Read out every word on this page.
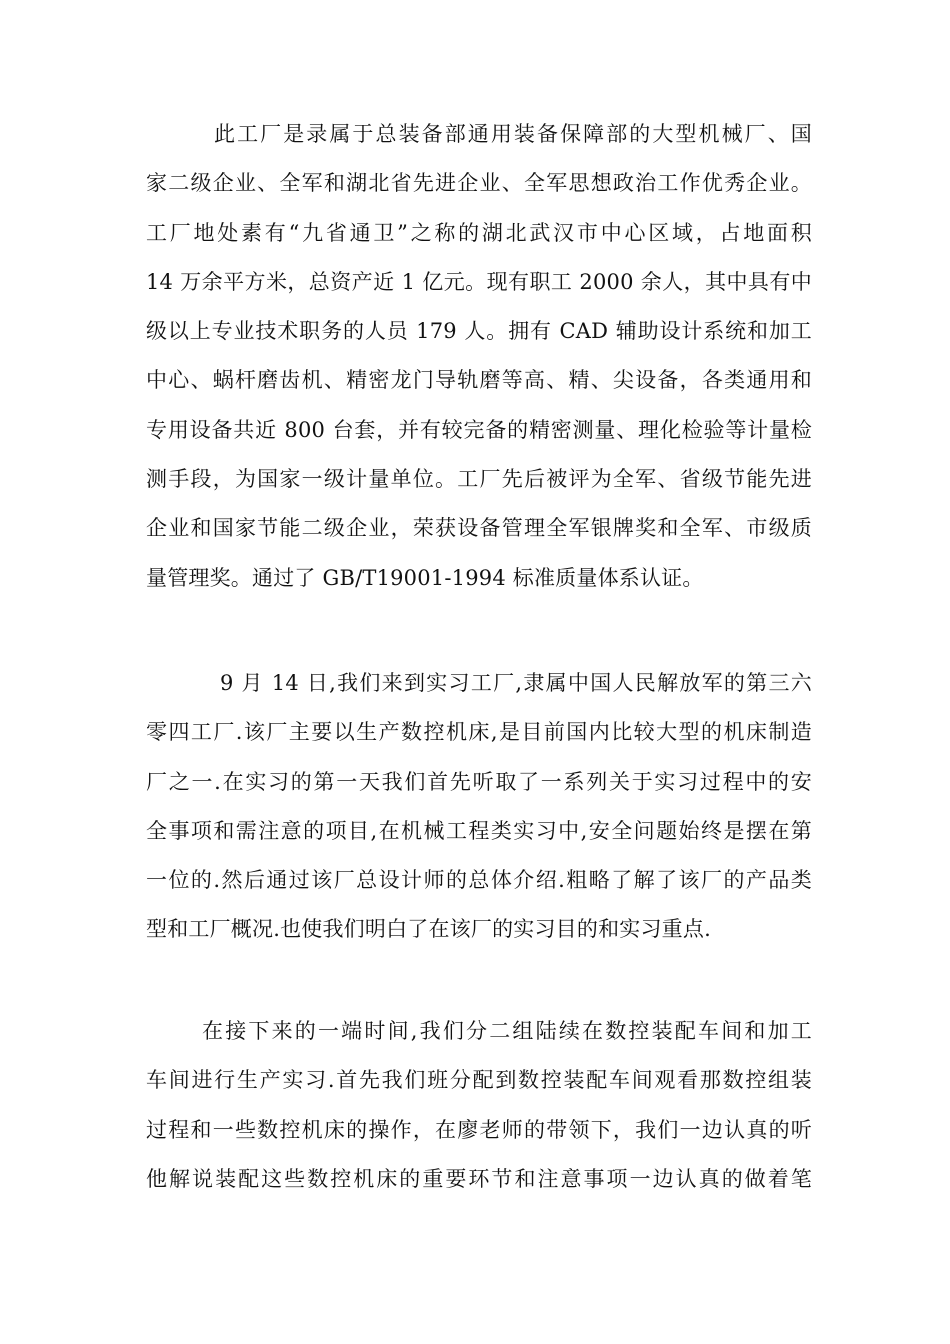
此工厂是录属于总装备部通用装备保障部的大型机械厂、国
家二级企业、全军和湖北省先进企业、全军思想政治工作优秀企业。
工厂地处素有“九省通卫”之称的湖北武汉市中心区域，占地面积
14 万余平方米，总资产近 1 亿元。现有职工 2000 余人，其中具有中
级以上专业技术职务的人员 179 人。拥有 CAD 辅助设计系统和加工
中心、蜗杆磨齿机、精密龙门导轨磨等高、精、尖设备，各类通用和
专用设备共近 800 台套，并有较完备的精密测量、理化检验等计量检
测手段，为国家一级计量单位。工厂先后被评为全军、省级节能先进
企业和国家节能二级企业，荣获设备管理全军银牌奖和全军、市级质
量管理奖。通过了 GB/T19001-1994 标准质量体系认证。
9 月 14 日,我们来到实习工厂,隶属中国人民解放军的第三六
零四工厂.该厂主要以生产数控机床,是目前国内比较大型的机床制造
厂之一.在实习的第一天我们首先听取了一系列关于实习过程中的安
全事项和需注意的项目,在机械工程类实习中,安全问题始终是摆在第
一位的.然后通过该厂总设计师的总体介绍.粗略了解了该厂的产品类
型和工厂概况.也使我们明白了在该厂的实习目的和实习重点.
在接下来的一端时间,我们分二组陆续在数控装配车间和加工
车间进行生产实习.首先我们班分配到数控装配车间观看那数控组装
过程和一些数控机床的操作，在廖老师的带领下，我们一边认真的听
他解说装配这些数控机床的重要环节和注意事项一边认真的做着笔
